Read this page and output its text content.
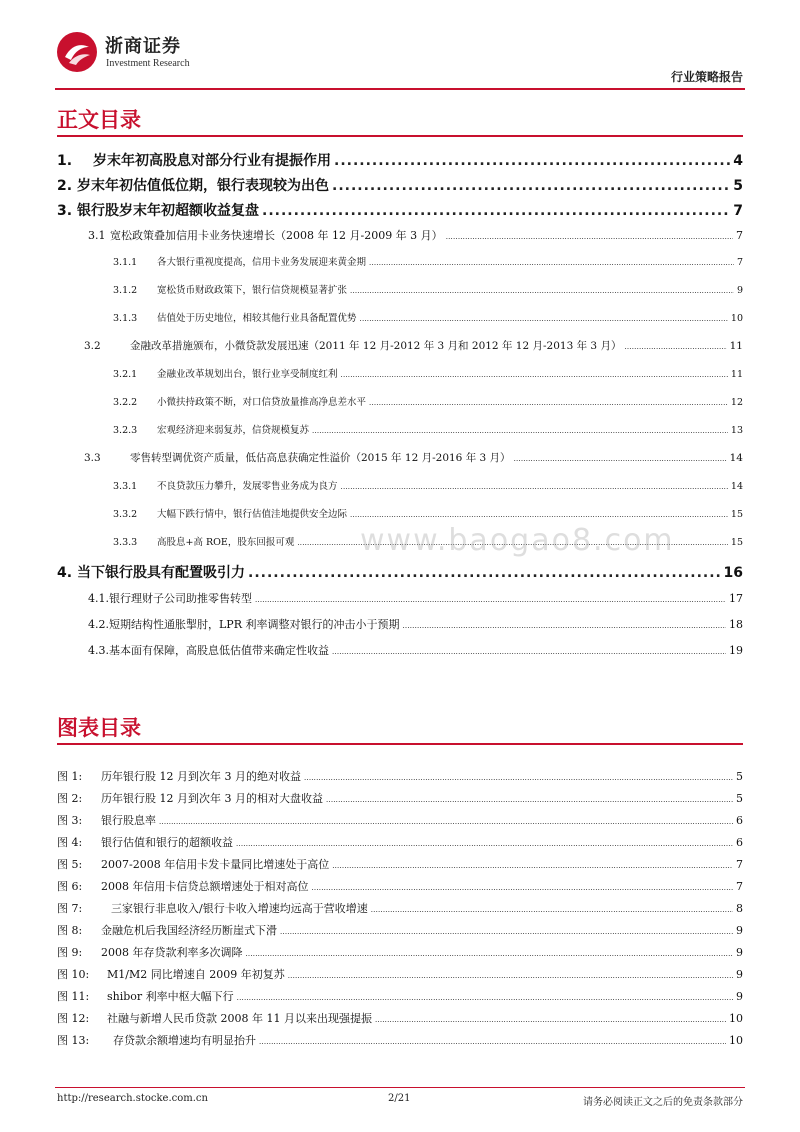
浙商证券
Investment Research
行业策略报告
正文目录
1.	岁末年初高股息对部分行业有提振作用 .....	4
2. 岁末年初估值低位期，银行表现较为出色 .....	5
3. 银行股岁末年初超额收益复盘 .....	7
3.1 宽松政策叠加信用卡业务快速增长（2008 年 12 月-2009 年 3 月） .....	7
3.1.1	各大银行重视度提高，信用卡业务发展迎来黄金期 .....	7
3.1.2	宽松货币财政政策下，银行信贷规模显著扩张 .....	9
3.1.3	估值处于历史地位，相较其他行业具备配置优势 .....	10
3.2	金融改革措施颁布，小微贷款发展迅速（2011 年 12 月-2012 年 3 月和 2012 年 12 月-2013 年 3 月） .....	11
3.2.1	金融业改革规划出台，银行业享受制度红利 .....	11
3.2.2	小微扶持政策不断，对口信贷放量推高净息差水平 .....	12
3.2.3	宏观经济迎来弱复苏，信贷规模复苏 .....	13
3.3	零售转型调优资产质量，低估高息获确定性溢价（2015 年 12 月-2016 年 3 月） .....	14
3.3.1	不良贷款压力攀升，发展零售业务成为良方 .....	14
3.3.2	大幅下跌行情中，银行估值洼地提供安全边际 .....	15
3.3.3	高股息+高 ROE，股东回报可观 .....	15
4. 当下银行股具有配置吸引力 .....	16
4.1. 银行理财子公司助推零售转型 .....	17
4.2. 短期结构性通胀掣肘，LPR 利率调整对银行的冲击小于预期 .....	18
4.3. 基本面有保障，高股息低估值带来确定性收益 .....	19
www.baogao8.com
图表目录
图 1:	历年银行股 12 月到次年 3 月的绝对收益 .....	5
图 2:	历年银行股 12 月到次年 3 月的相对大盘收益 .....	5
图 3:	银行股息率 .....	6
图 4:	银行估值和银行的超额收益 .....	6
图 5:	2007-2008 年信用卡发卡量同比增速处于高位 .....	7
图 6:	2008 年信用卡信贷总额增速处于相对高位 .....	7
图 7:	三家银行非息收入/银行卡收入增速均远高于营收增速 .....	8
图 8:	金融危机后我国经济经历断崖式下滑 .....	9
图 9:	2008 年存贷款利率多次调降 .....	9
图 10:	M1/M2 同比增速自 2009 年初复苏 .....	9
图 11:	shibor 利率中枢大幅下行 .....	9
图 12:	社融与新增人民币贷款 2008 年 11 月以来出现强提振 .....	10
图 13:	存贷款余额增速均有明显抬升 .....	10
http://research.stocke.com.cn	2/21	请务必阅读正文之后的免责条款部分
